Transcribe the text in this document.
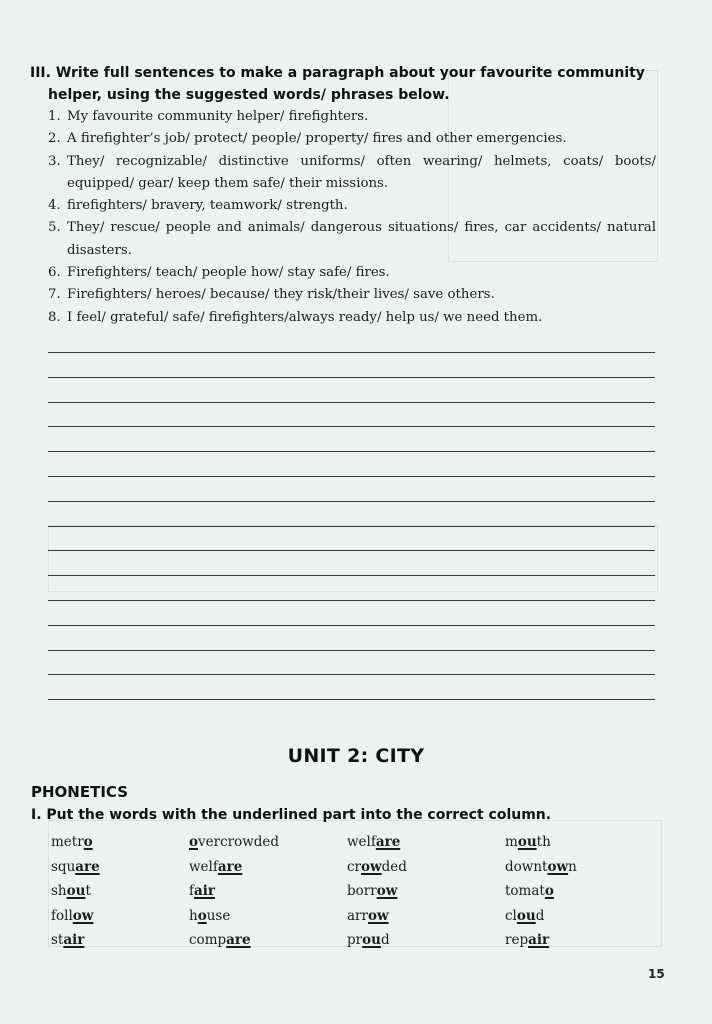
III. Write full sentences to make a paragraph about your favourite community
helper, using the suggested words/ phrases below.
1. My favourite community helper/ firefighters.
2. A firefighter’s job/ protect/ people/ property/ fires and other emergencies.
3. They/ recognizable/ distinctive uniforms/ often wearing/ helmets, coats/ boots/ equipped/ gear/ keep them safe/ their missions.
4. firefighters/ bravery, teamwork/ strength.
5. They/ rescue/ people and animals/ dangerous situations/ fires, car accidents/ natural disasters.
6. Firefighters/ teach/ people how/ stay safe/ fires.
7. Firefighters/ heroes/ because/ they risk/their lives/ save others.
8. I feel/ grateful/ safe/ firefighters/always ready/ help us/ we need them.
UNIT 2: CITY
PHONETICS
I. Put the words with the underlined part into the correct column.
metro	overcrowded	welfare	mouth
square	welfare	crowded	downtown
shout	fair	borrow	tomato
follow	house	arrow	cloud
stair	compare	proud	repair
15
